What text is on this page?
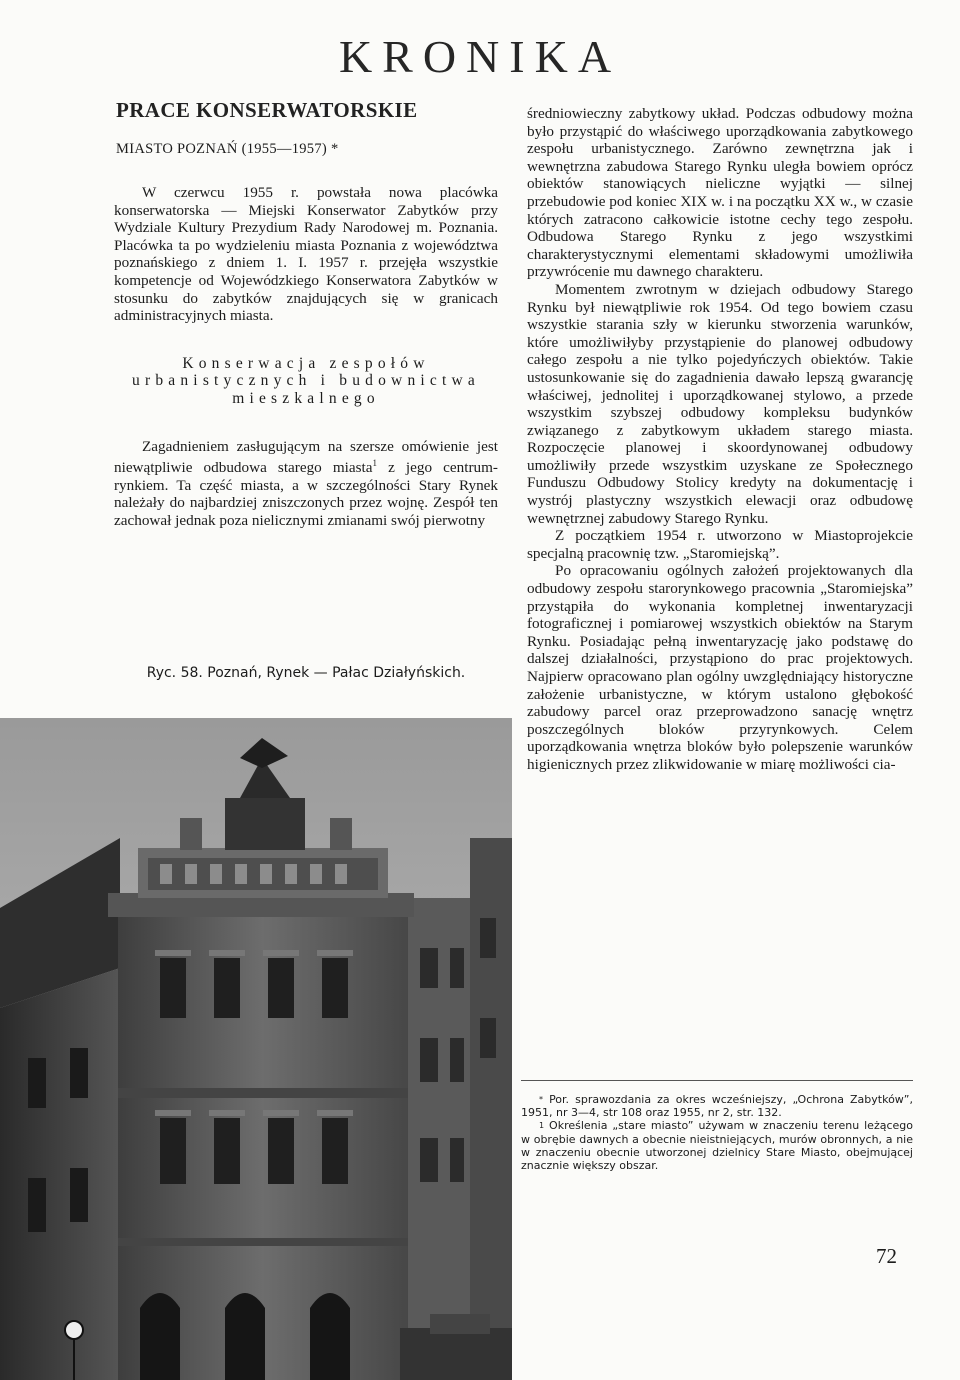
KRONIKA
PRACE KONSERWATORSKIE
MIASTO POZNAŃ (1955—1957) *

W czerwcu 1955 r. powstała nowa placówka konserwatorska — Miejski Konserwator Zabytków przy Wydziale Kultury Prezydium Rady Narodowej m. Poznania. Placówka ta po wydzieleniu miasta Poznania z województwa poznańskiego z dniem 1. I. 1957 r. przejęła wszystkie kompetencje od Wojewódzkiego Konserwatora Zabytków w stosunku do zabytków znajdujących się w granicach administracyjnych miasta.

Konserwacja zespołów urbanistycznych i budownictwa mieszkalnego

Zagadnieniem zasługującym na szersze omówienie jest niewątpliwie odbudowa starego miasta$^1$ z jego centrum-rynkiem. Ta część miasta, a w szczególności Stary Rynek należały do najbardziej zniszczonych przez wojnę. Zespół ten zachował jednak poza nielicznymi zmianami swój pierwotny

Ryc. 58. Poznań, Rynek — Pałac Działyńskich.

średniowieczny zabytkowy układ. Podczas odbudowy można było przystąpić do właściwego uporządkowania zabytkowego zespołu urbanistycznego. Zarówno zewnętrzna jak i wewnętrzna zabudowa Starego Rynku uległa bowiem oprócz obiektów stanowiących nieliczne wyjątki — silnej przebudowie pod koniec XIX w. i na początku XX w., w czasie których zatracono całkowicie istotne cechy tego zespołu. Odbudowa Starego Rynku z jego wszystkimi charakterystycznymi elementami składowymi umożliwiła przywrócenie mu dawnego charakteru.

Momentem zwrotnym w dziejach odbudowy Starego Rynku był niewątpliwie rok 1954. Od tego bowiem czasu wszystkie starania szły w kierunku stworzenia warunków, które umożliwiłyby przystąpienie do planowej odbudowy całego zespołu a nie tylko pojedyńczych obiektów. Takie ustosunkowanie się do zagadnienia dawało lepszą gwarancję właściwej, jednolitej i uporządkowanej stylowo, a przede wszystkim szybszej odbudowy kompleksu budynków związanego z zabytkowym układem starego miasta. Rozpoczęcie planowej i skoordynowanej odbudowy umożliwiły przede wszystkim uzyskane ze Społecznego Funduszu Odbudowy Stolicy kredyty na dokumentację i wystrój plastyczny wszystkich elewacji oraz odbudowę wewnętrznej zabudowy Starego Rynku.

Z początkiem 1954 r. utworzono w Miastoprojekcie specjalną pracownię tzw. „Staromiejską”.

Po opracowaniu ogólnych założeń projektowanych dla odbudowy zespołu starorynkowego pracownia „Staromiejska” przystąpiła do wykonania kompletnej inwentaryzacji fotograficznej i pomiarowej wszystkich obiektów na Starym Rynku. Posiadając pełną inwentaryzację jako podstawę do dalszej działalności, przystąpiono do prac projektowych. Najpierw opracowano plan ogólny uwzględniający historyczne założenie urbanistyczne, w którym ustalono głębokość zabudowy parcel oraz przeprowadzono sanację wnętrz poszczególnych bloków przyrynkowych. Celem uporządkowania wnętrza bloków było polepszenie warunków higienicznych przez zlikwidowanie w miarę możliwości cia-

* Por. sprawozdania za okres wcześniejszy, „Ochrona Zabytków”, 1951, nr 3—4, str 108 oraz 1955, nr 2, str. 132.

$^1$ Określenia „stare miasto” używam w znaczeniu terenu leżącego w obrębie dawnych a obecnie nieistniejących, murów obronnych, a nie w znaczeniu obecnie utworzonej dzielnicy Stare Miasto, obejmującej znacznie większy obszar.

72
